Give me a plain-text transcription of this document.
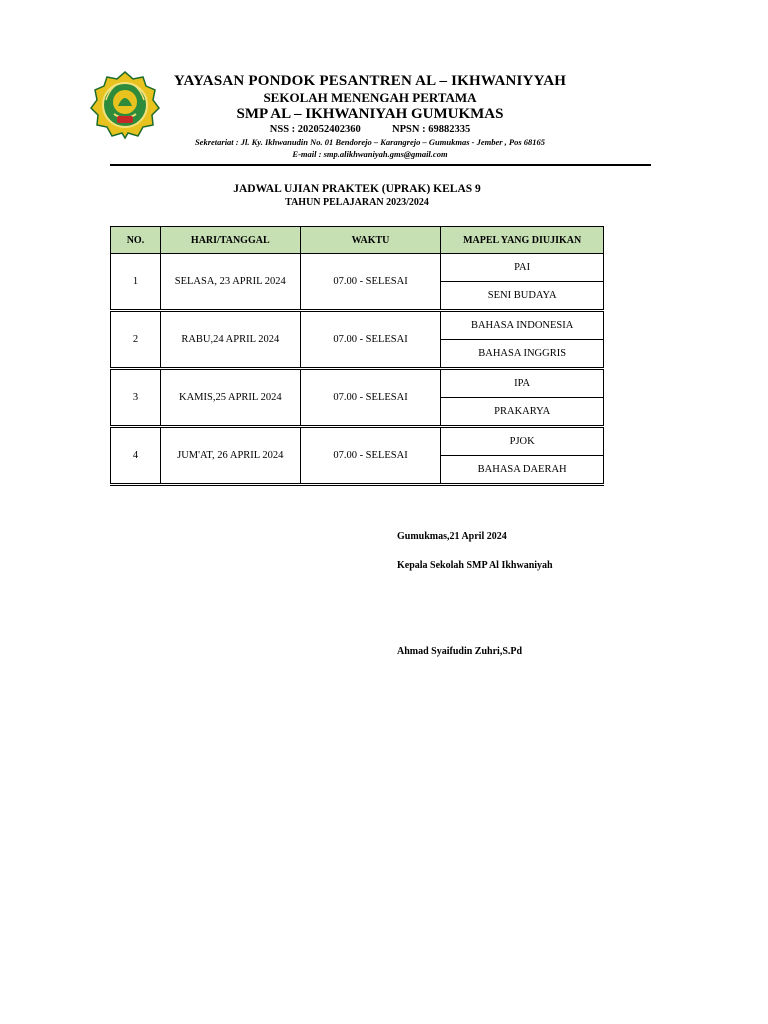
YAYASAN PONDOK PESANTREN AL – IKHWANIYYAH
SEKOLAH MENENGAH PERTAMA
SMP AL – IKHWANIYAH GUMUKMAS
NSS : 202052402360	NPSN : 69882335
Sekretariat : Jl. Ky. Ikhwanudin No. 01 Bendorejo – Karangrejo – Gumukmas - Jember , Pos 68165
E-mail : smp.alikhwaniyah.gms@gmail.com
JADWAL UJIAN PRAKTEK (UPRAK) KELAS 9
TAHUN PELAJARAN 2023/2024
NO.	HARI/TANGGAL	WAKTU	MAPEL YANG DIUJIKAN
1	SELASA, 23 APRIL 2024	07.00 - SELESAI	PAI
			SENI BUDAYA
2	RABU,24 APRIL 2024	07.00 - SELESAI	BAHASA INDONESIA
			BAHASA INGGRIS
3	KAMIS,25 APRIL 2024	07.00 - SELESAI	IPA
			PRAKARYA
4	JUM'AT, 26 APRIL 2024	07.00 - SELESAI	PJOK
			BAHASA DAERAH
Gumukmas,21 April 2024
Kepala Sekolah SMP Al Ikhwaniyah
Ahmad Syaifudin Zuhri,S.Pd
